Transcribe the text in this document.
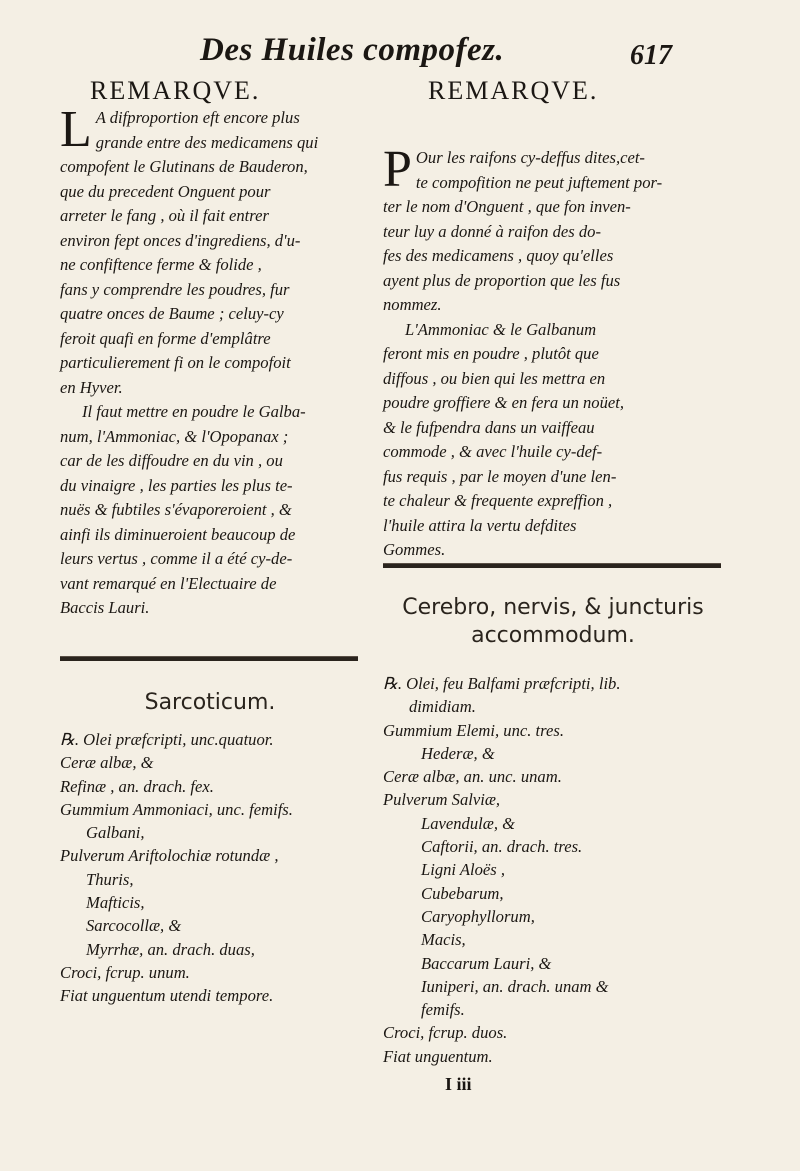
Des Huiles compofez.	617
REMARQVE.
L A difproportion eft encore plus
grande entre des medicamens qui
compofent le Glutinans de Bauderon,
que du precedent Onguent pour
arreter le fang , où il fait entrer
environ fept onces d'ingrediens, d'u-
ne confiftence ferme & folide ,
fans y comprendre les poudres, fur
quatre onces de Baume ; celuy-cy
feroit quafi en forme d'emplâtre
particulierement fi on le compofoit
en Hyver.
Il faut mettre en poudre le Galba-
num, l'Ammoniac, & l'Opopanax ;
car de les diffoudre en du vin , ou
du vinaigre , les parties les plus te-
nuës & fubtiles s'évaporeroient , &
ainfi ils diminueroient beaucoup de
leurs vertus , comme il a été cy-de-
vant remarqué en l'Electuaire de
Baccis Lauri.
Sarcoticum.
℞. Olei præfcripti, unc.quatuor.
Ceræ albæ, &
Refinæ , an. drach. fex.
Gummium Ammoniaci, unc. femifs.
Galbani,
Pulverum Ariftolochiæ rotundæ ,
Thuris,
Mafticis,
Sarcocollæ, &
Myrrhæ, an. drach. duas,
Croci, fcrup. unum.
Fiat unguentum utendi tempore.
REMARQVE.
P Our les raifons cy-deffus dites,cet-
te compofition ne peut juftement por-
ter le nom d'Onguent , que fon inven-
teur luy a donné à raifon des do-
fes des medicamens , quoy qu'elles
ayent plus de proportion que les fus
nommez.
L'Ammoniac & le Galbanum
feront mis en poudre , plutôt que
diffous , ou bien qui les mettra en
poudre groffiere & en fera un noüet,
& le fufpendra dans un vaiffeau
commode , & avec l'huile cy-def-
fus requis , par le moyen d'une len-
te chaleur & frequente expreffion ,
l'huile attira la vertu defdites
Gommes.
Cerebro, nervis, & juncturis
accommodum.
℞. Olei, feu Balfami præfcripti, lib.
dimidiam.
Gummium Elemi, unc. tres.
Hederæ, &
Ceræ albæ, an. unc. unam.
Pulverum Salviæ,
Lavendulæ, &
Caftorii, an. drach. tres.
Ligni Aloës ,
Cubebarum,
Caryophyllorum,
Macis,
Baccarum Lauri, &
Iuniperi, an. drach. unam &
femifs.
Croci, fcrup. duos.
Fiat unguentum.
I iii
